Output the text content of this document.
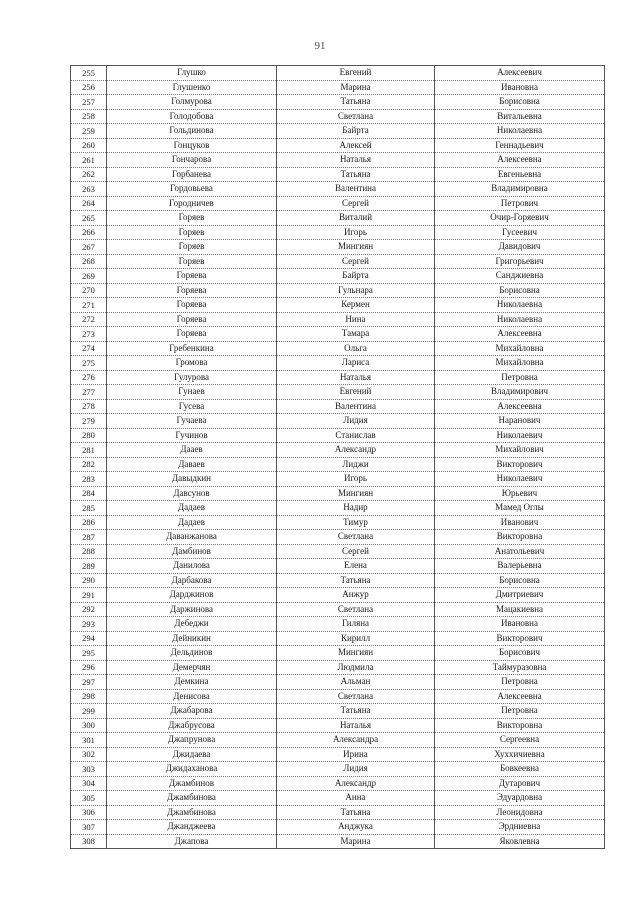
91
255	Глушко	Евгений	Алексеевич
256	Глушенко	Марина	Ивановна
257	Голмурова	Татьяна	Борисовна
258	Голодобова	Светлана	Витальевна
259	Гольдинова	Байрта	Николаевна
260	Гонцуков	Алексей	Геннадьевич
261	Гончарова	Наталья	Алексеевна
262	Горбанева	Татьяна	Евгеньевна
263	Гордовьева	Валентина	Владимировна
264	Городничев	Сергей	Петрович
265	Горяев	Виталий	Очир-Горяевич
266	Горяев	Игорь	Гусеевич
267	Горяев	Мингиян	Давидович
268	Горяев	Сергей	Григорьевич
269	Горяева	Байрта	Санджиевна
270	Горяева	Гульнара	Борисовна
271	Горяева	Кермен	Николаевна
272	Горяева	Нина	Николаевна
273	Горяева	Тамара	Алексеевна
274	Гребенкина	Ольга	Михайловна
275	Громова	Лариса	Михайловна
276	Гулурова	Наталья	Петровна
277	Гунаев	Евгений	Владимирович
278	Гусева	Валентина	Алексеевна
279	Гучаева	Лидия	Наранович
280	Гучинов	Станислав	Николаевич
281	Дааев	Александр	Михайлович
282	Даваев	Лиджи	Викторович
283	Давыдкин	Игорь	Николаевич
284	Давсунов	Мингиян	Юрьевич
285	Дадаев	Надир	Мамед Оглы
286	Дадаев	Тимур	Иванович
287	Даванжанова	Светлана	Викторовна
288	Дамбинов	Сергей	Анатольевич
289	Данилова	Елена	Валерьевна
290	Дарбакова	Татьяна	Борисовна
291	Дарджинов	Анжур	Дмитриевич
292	Даржинова	Светлана	Мацакиевна
293	Дебеджи	Гиляна	Ивановна
294	Дейникин	Кирилл	Викторович
295	Дельдинов	Мингиян	Борисович
296	Демерчян	Людмила	Таймуразовна
297	Демкина	Альман	Петровна
298	Денисова	Светлана	Алексеевна
299	Джабарова	Татьяна	Петровна
300	Джабрусова	Наталья	Викторовна
301	Джапрунова	Александра	Сергеевна
302	Джидаева	Ирина	Хуххичиевна
303	Джидаханова	Лидия	Бовкеевна
304	Джамбинов	Александр	Дутарович
305	Джамбинова	Анна	Эдуардовна
306	Джамбинова	Татьяна	Леонидовна
307	Джанджеева	Анджука	Эрдниевна
308	Джапова	Марина	Яковлевна
